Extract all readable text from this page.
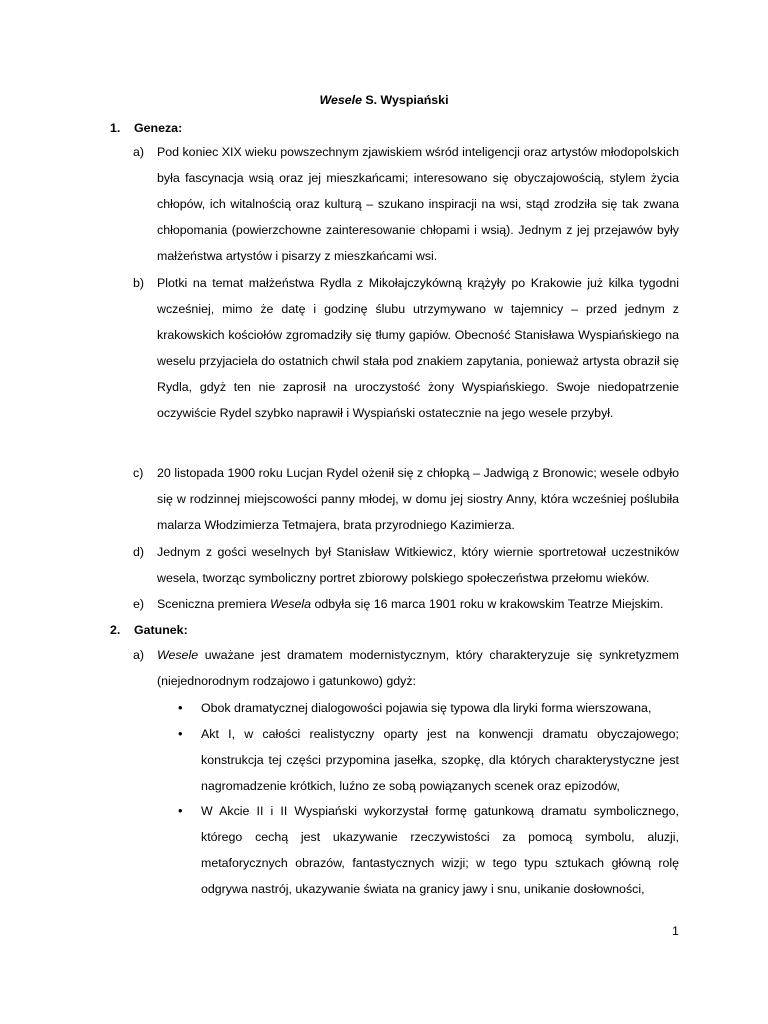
Wesele S. Wyspiański
1. Geneza:
a) Pod koniec XIX wieku powszechnym zjawiskiem wśród inteligencji oraz artystów młodopolskich była fascynacja wsią oraz jej mieszkańcami; interesowano się obyczajowością, stylem życia chłopów, ich witalnością oraz kulturą – szukano inspiracji na wsi, stąd zrodziła się tak zwana chłopomania (powierzchowne zainteresowanie chłopami i wsią). Jednym z jej przejawów były małżeństwa artystów i pisarzy z mieszkańcami wsi.
b) Plotki na temat małżeństwa Rydla z Mikołajczykówną krążyły po Krakowie już kilka tygodni wcześniej, mimo że datę i godzinę ślubu utrzymywano w tajemnicy – przed jednym z krakowskich kościołów zgromadziły się tłumy gapiów. Obecność Stanisława Wyspiańskiego na weselu przyjaciela do ostatnich chwil stała pod znakiem zapytania, ponieważ artysta obraził się Rydla, gdyż ten nie zaprosił na uroczystość żony Wyspiańskiego. Swoje niedopatrzenie oczywiście Rydel szybko naprawił i Wyspiański ostatecznie na jego wesele przybył.
c) 20 listopada 1900 roku Lucjan Rydel ożenił się z chłopką – Jadwigą z Bronowic; wesele odbyło się w rodzinnej miejscowości panny młodej, w domu jej siostry Anny, która wcześniej poślubiła malarza Włodzimierza Tetmajera, brata przyrodniego Kazimierza.
d) Jednym z gości weselnych był Stanisław Witkiewicz, który wiernie sportretował uczestników wesela, tworząc symboliczny portret zbiorowy polskiego społeczeństwa przełomu wieków.
e) Sceniczna premiera Wesela odbyła się 16 marca 1901 roku w krakowskim Teatrze Miejskim.
2. Gatunek:
a) Wesele uważane jest dramatem modernistycznym, który charakteryzuje się synkretyzmem (niejednorodnym rodzajowo i gatunkowo) gdyż:
• Obok dramatycznej dialogowości pojawia się typowa dla liryki forma wierszowana,
• Akt I, w całości realistyczny oparty jest na konwencji dramatu obyczajowego; konstrukcja tej części przypomina jasełka, szopkę, dla których charakterystyczne jest nagromadzenie krótkich, luźno ze sobą powiązanych scenek oraz epizodów,
• W Akcie II i II Wyspiański wykorzystał formę gatunkową dramatu symbolicznego, którego cechą jest ukazywanie rzeczywistości za pomocą symbolu, aluzji, metaforycznych obrazów, fantastycznych wizji; w tego typu sztukach główną rolę odgrywa nastrój, ukazywanie świata na granicy jawy i snu, unikanie dosłowności,
1
